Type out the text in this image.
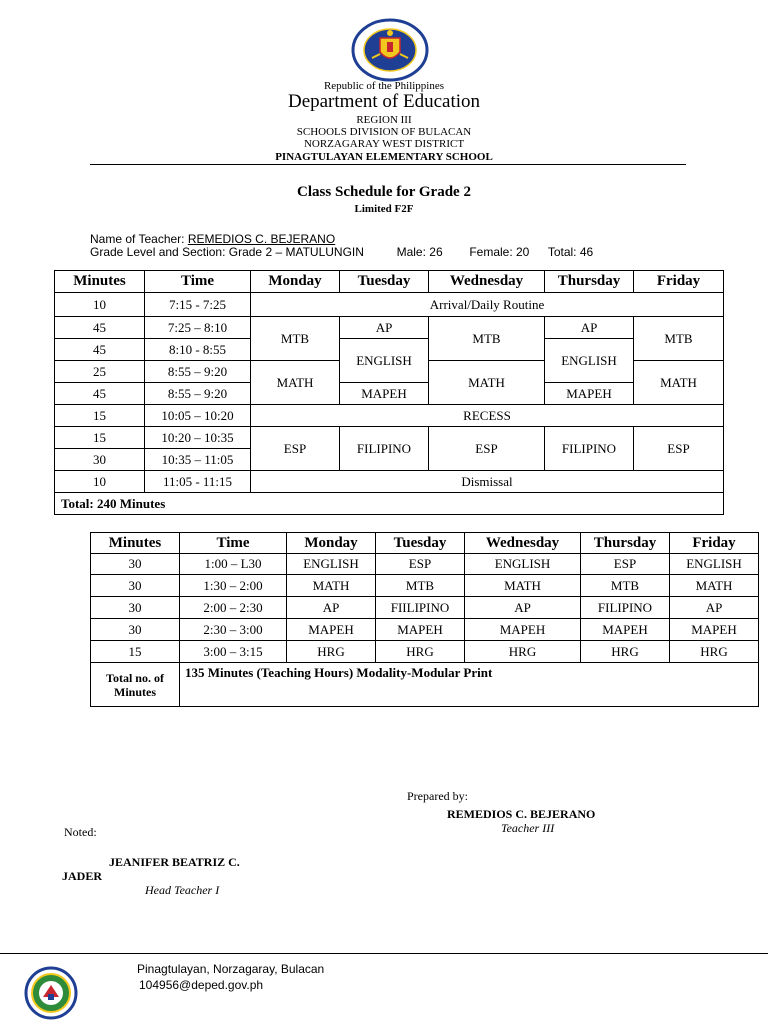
Republic of the Philippines
Department of Education
REGION III
SCHOOLS DIVISION OF BULACAN
NORZAGARAY WEST DISTRICT
PINAGTULAYAN ELEMENTARY SCHOOL
Class Schedule for Grade 2
Limited F2F
Name of Teacher: REMEDIOS C. BEJERANO
Grade Level and Section: Grade 2 – MATULUNGIN	Male: 26 Female: 20 Total: 46
Minutes	Time	Monday	Tuesday	Wednesday	Thursday	Friday
10	7:15 - 7:25	Arrival/Daily Routine				
45	7:25 – 8:10	MTB	AP	MTB	AP	MTB
45	8:10 - 8:55		ENGLISH		ENGLISH	
25	8:55 – 9:20	MATH		MATH		MATH
45	8:55 – 9:20		MAPEH		MAPEH	
15	10:05 – 10:20	RECESS				
15	10:20 – 10:35	ESP	FILIPINO	ESP	FILIPINO	ESP
30	10:35 – 11:05					
10	11:05 - 11:15	Dismissal				
Total: 240 Minutes						
Minutes	Time	Monday	Tuesday	Wednesday	Thursday	Friday
30	1:00 – L30	ENGLISH	ESP	ENGLISH	ESP	ENGLISH
30	1:30 – 2:00	MATH	MTB	MATH	MTB	MATH
30	2:00 – 2:30	AP	FIILIPINO	AP	FILIPINO	AP
30	2:30 – 3:00	MAPEH	MAPEH	MAPEH	MAPEH	MAPEH
15	3:00 – 3:15	HRG	HRG	HRG	HRG	HRG

Total no. of
Minutes	135 Minutes (Teaching Hours) Modality-Modular Print					
Prepared by:
REMEDIOS C. BEJERANO
Teacher III
Noted:
JEANIFER BEATRIZ C.
JADER
Head Teacher I
Pinagtulayan, Norzagaray, Bulacan
104956@deped.gov.ph
